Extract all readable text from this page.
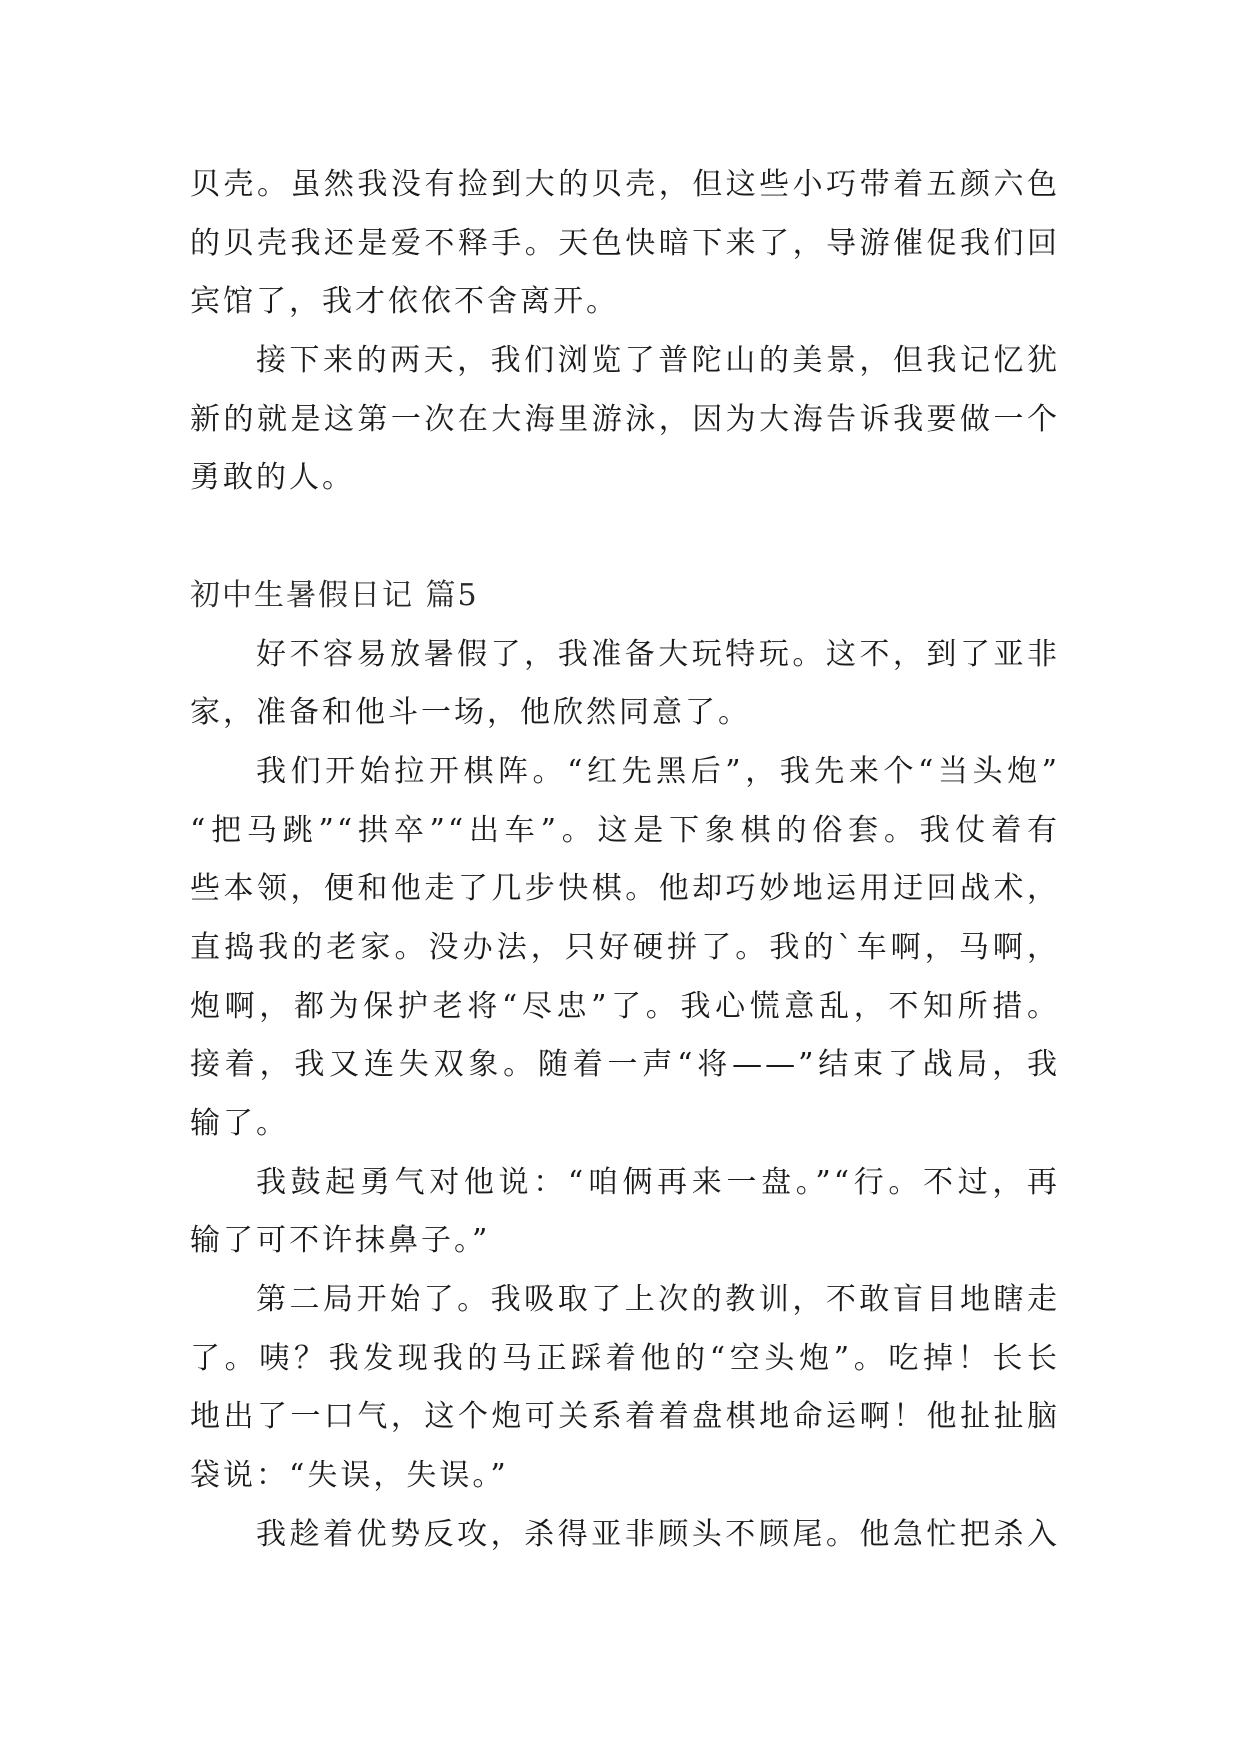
贝壳。虽然我没有捡到大的贝壳，但这些小巧带着五颜六色
的贝壳我还是爱不释手。天色快暗下来了，导游催促我们回
宾馆了，我才依依不舍离开。
接下来的两天，我们浏览了普陀山的美景，但我记忆犹
新的就是这第一次在大海里游泳，因为大海告诉我要做一个
勇敢的人。
初中生暑假日记 篇5
好不容易放暑假了，我准备大玩特玩。这不，到了亚非
家，准备和他斗一场，他欣然同意了。
我们开始拉开棋阵。“红先黑后”，我先来个“当头炮”
“把马跳”“拱卒”“出车”。这是下象棋的俗套。我仗着有
些本领，便和他走了几步快棋。他却巧妙地运用迂回战术，
直捣我的老家。没办法，只好硬拼了。我的`车啊，马啊，
炮啊，都为保护老将“尽忠”了。我心慌意乱，不知所措。
接着，我又连失双象。随着一声“将——”结束了战局，我
输了。
我鼓起勇气对他说：“咱俩再来一盘。”“行。不过，再
输了可不许抹鼻子。”
第二局开始了。我吸取了上次的教训，不敢盲目地瞎走
了。咦？我发现我的马正踩着他的“空头炮”。吃掉！长长
地出了一口气，这个炮可关系着着盘棋地命运啊！他扯扯脑
袋说：“失误，失误。”
我趁着优势反攻，杀得亚非顾头不顾尾。他急忙把杀入
